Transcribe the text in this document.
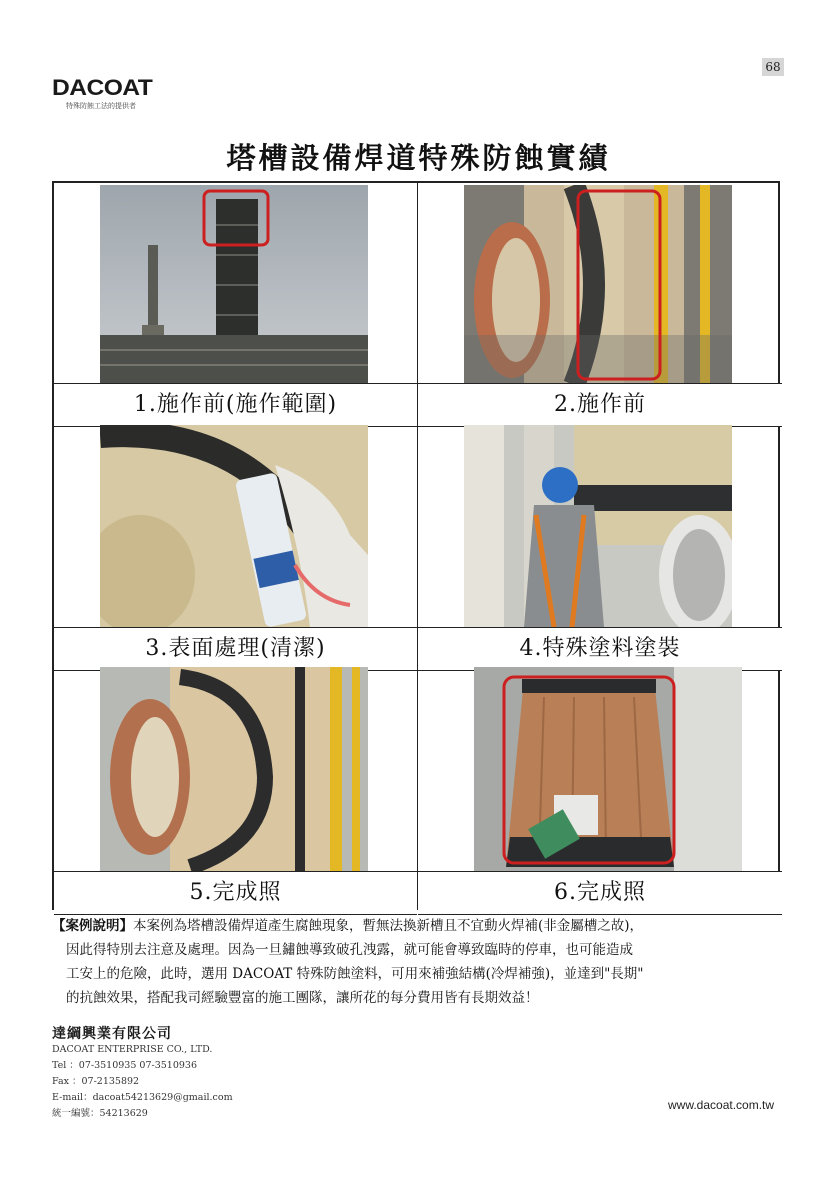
68
DACOAT
特殊防蝕工法的提供者
塔槽設備焊道特殊防蝕實績
1.施作前(施作範圍)	2.施作前
3.表面處理(清潔)	4.特殊塗料塗裝
5.完成照	6.完成照
【案例說明】本案例為塔槽設備焊道產生腐蝕現象，暫無法換新槽且不宜動火焊補(非金屬槽之故)，
因此得特別去注意及處理。因為一旦鏽蝕導致破孔洩露，就可能會導致臨時的停車，也可能造成
工安上的危險，此時，選用 DACOAT 特殊防蝕塗料，可用來補強結構(冷焊補強)，並達到"長期"
的抗蝕效果，搭配我司經驗豐富的施工團隊，讓所花的每分費用皆有長期效益！
達綱興業有限公司
DACOAT ENTERPRISE CO., LTD.
Tel ：07-3510935 07-3510936
Fax ：07-2135892
E-mail：dacoat54213629@gmail.com
統一編號：54213629
www.dacoat.com.tw
